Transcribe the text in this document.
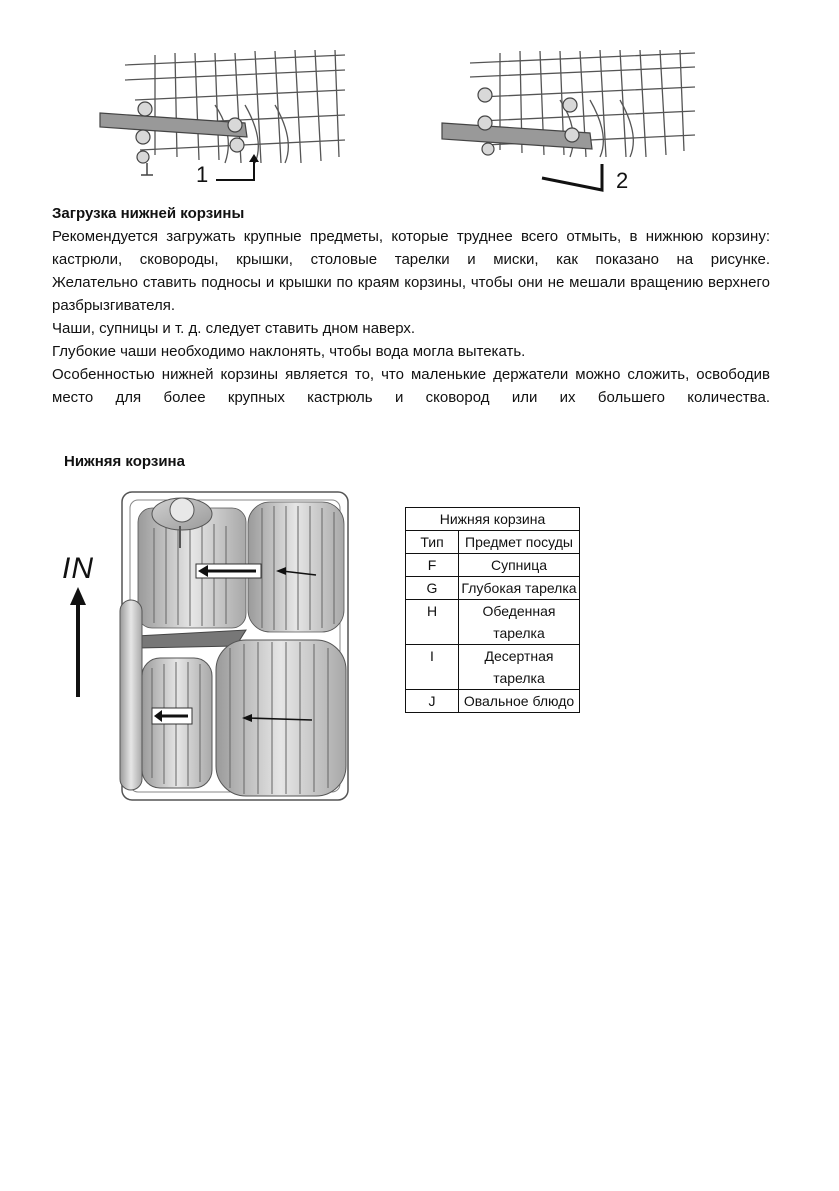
1	2
Загрузка нижней корзины

Рекомендуется загружать крупные предметы, которые труднее всего отмыть, в нижнюю корзину: кастрюли, сковороды, крышки, столовые тарелки и миски, как показано на рисунке.

Желательно ставить подносы и крышки по краям корзины, чтобы они не мешали вращению верхнего разбрызгивателя.

Чаши, супницы и т. д. следует ставить дном наверх.

Глубокие чаши необходимо наклонять, чтобы вода могла вытекать.

Особенностью нижней корзины является то, что маленькие держатели можно сложить, освободив место для более крупных кастрюль и сковород или их большего количества.

Нижняя корзина
IN
Нижняя корзина	
Тип	Предмет посуды
F	Супница
G	Глубокая тарелка
H	Обеденная тарелка
I	Десертная тарелка
J	Овальное блюдо
